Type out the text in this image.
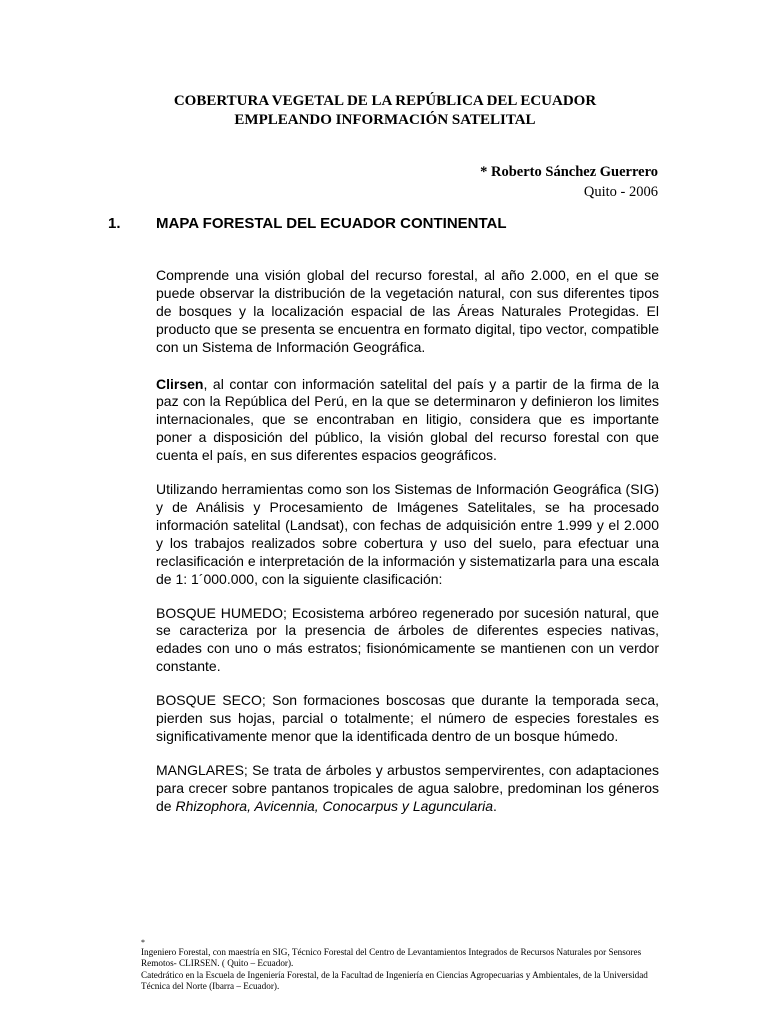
COBERTURA VEGETAL DE LA REPÚBLICA DEL ECUADOR
EMPLEANDO INFORMACIÓN SATELITAL
* Roberto Sánchez Guerrero
Quito - 2006
1. MAPA FORESTAL DEL ECUADOR CONTINENTAL

Comprende una visión global del recurso forestal, al año 2.000, en el que se puede observar la distribución de la vegetación natural, con sus diferentes tipos de bosques y la localización espacial de las Áreas Naturales Protegidas. El producto que se presenta se encuentra en formato digital, tipo vector, compatible con un Sistema de Información Geográfica.

Clirsen, al contar con información satelital del país y a partir de la firma de la paz con la República del Perú, en la que se determinaron y definieron los limites internacionales, que se encontraban en litigio, considera que es importante poner a disposición del público, la visión global del recurso forestal con que cuenta el país, en sus diferentes espacios geográficos.

Utilizando herramientas como son los Sistemas de Información Geográfica (SIG) y de Análisis y Procesamiento de Imágenes Satelitales, se ha procesado información satelital (Landsat), con fechas de adquisición entre 1.999 y el 2.000 y los trabajos realizados sobre cobertura y uso del suelo, para efectuar una reclasificación e interpretación de la información y sistematizarla para una escala de 1: 1´000.000, con la siguiente clasificación:

BOSQUE HUMEDO; Ecosistema arbóreo regenerado por sucesión natural, que se caracteriza por la presencia de árboles de diferentes especies nativas, edades con uno o más estratos; fisionómicamente se mantienen con un verdor constante.

BOSQUE SECO; Son formaciones boscosas que durante la temporada seca, pierden sus hojas, parcial o totalmente; el número de especies forestales es significativamente menor que la identificada dentro de un bosque húmedo.

MANGLARES; Se trata de árboles y arbustos sempervirentes, con adaptaciones para crecer sobre pantanos tropicales de agua salobre, predominan los géneros de Rhizophora, Avicennia, Conocarpus y Laguncularia.

*

Ingeniero Forestal, con maestría en SIG, Técnico Forestal del Centro de Levantamientos Integrados de Recursos Naturales por Sensores Remotos- CLIRSEN. ( Quito – Ecuador).

Catedrático en la Escuela de Ingeniería Forestal, de la Facultad de Ingeniería en Ciencias Agropecuarias y Ambientales, de la Universidad Técnica del Norte (Ibarra – Ecuador).
